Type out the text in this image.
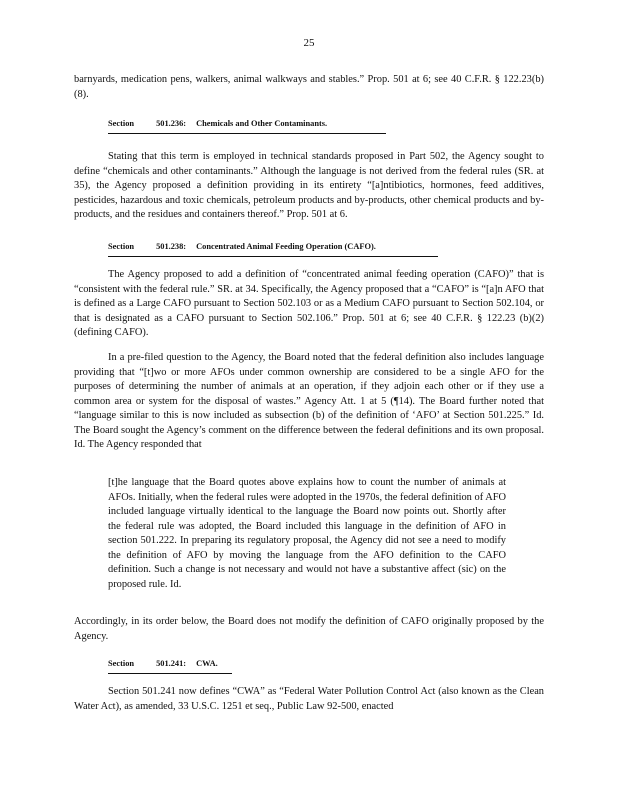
25

barnyards, medication pens, walkers, animal walkways and stables.” Prop. 501 at 6; see 40 C.F.R. § 122.23(b)(8).

Section	501.236: Chemicals and Other Contaminants.

Stating that this term is employed in technical standards proposed in Part 502, the Agency sought to define “chemicals and other contaminants.” Although the language is not derived from the federal rules (SR. at 35), the Agency proposed a definition providing in its entirety “[a]ntibiotics, hormones, feed additives, pesticides, hazardous and toxic chemicals, petroleum products and by-products, other chemical products and by-products, and the residues and containers thereof.” Prop. 501 at 6.

Section	501.238: Concentrated Animal Feeding Operation (CAFO).

The Agency proposed to add a definition of “concentrated animal feeding operation (CAFO)” that is “consistent with the federal rule.” SR. at 34. Specifically, the Agency proposed that a “CAFO” is “[a]n AFO that is defined as a Large CAFO pursuant to Section 502.103 or as a Medium CAFO pursuant to Section 502.104, or that is designated as a CAFO pursuant to Section 502.106.” Prop. 501 at 6; see 40 C.F.R. § 122.23 (b)(2) (defining CAFO).

In a pre-filed question to the Agency, the Board noted that the federal definition also includes language providing that “[t]wo or more AFOs under common ownership are considered to be a single AFO for the purposes of determining the number of animals at an operation, if they adjoin each other or if they use a common area or system for the disposal of wastes.” Agency Att. 1 at 5 (¶14). The Board further noted that “language similar to this is now included as subsection (b) of the definition of ‘AFO’ at Section 501.225.” Id. The Board sought the Agency’s comment on the difference between the federal definitions and its own proposal. Id. The Agency responded that

[t]he language that the Board quotes above explains how to count the number of animals at AFOs. Initially, when the federal rules were adopted in the 1970s, the federal definition of AFO included language virtually identical to the language the Board now points out. Shortly after the federal rule was adopted, the Board included this language in the definition of AFO in section 501.222. In preparing its regulatory proposal, the Agency did not see a need to modify the definition of AFO by moving the language from the AFO definition to the CAFO definition. Such a change is not necessary and would not have a substantive affect (sic) on the proposed rule. Id.

Accordingly, in its order below, the Board does not modify the definition of CAFO originally proposed by the Agency.

Section	501.241: CWA.

Section 501.241 now defines “CWA” as “Federal Water Pollution Control Act (also known as the Clean Water Act), as amended, 33 U.S.C. 1251 et seq., Public Law 92-500, enacted
